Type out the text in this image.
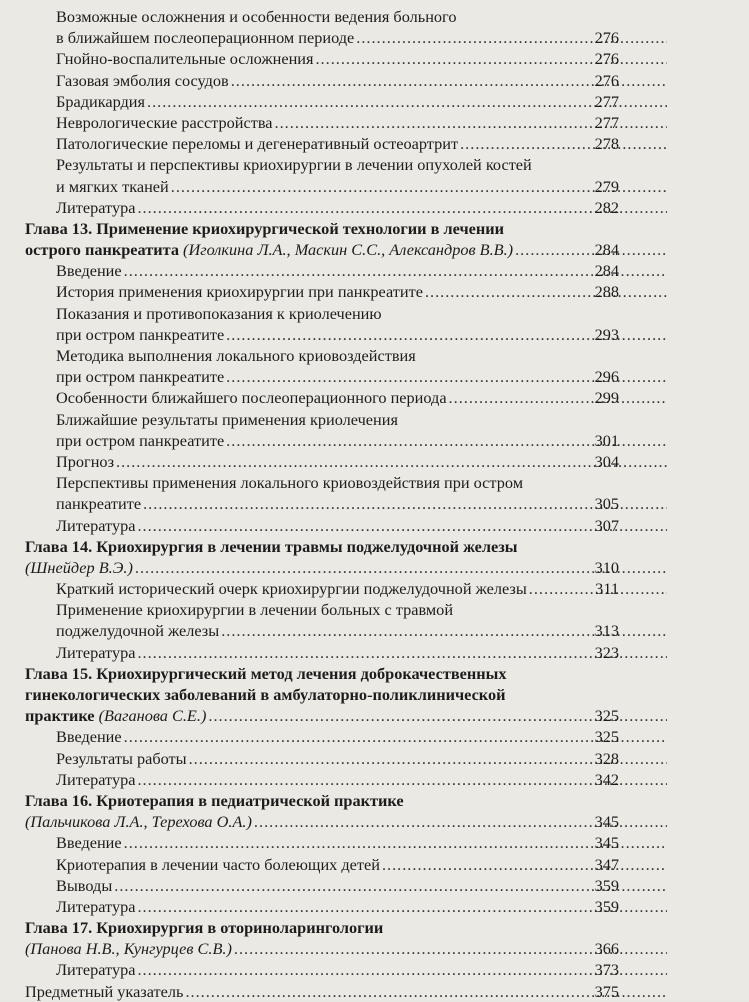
Возможные осложнения и особенности ведения больного
в ближайшем послеоперационном периоде .....	276
Гнойно-воспалительные осложнения .....	276
Газовая эмболия сосудов .....	276
Брадикардия .....	277
Неврологические расстройства .....	277
Патологические переломы и дегенеративный остеоартрит .....	278
Результаты и перспективы криохирургии в лечении опухолей костей
и мягких тканей .....	279
Литература .....	282
Глава 13. Применение криохирургической технологии в лечении
острого панкреатита (Иголкина Л.А., Маскин С.С., Александров В.В.) .....	284
Введение .....	284
История применения криохирургии при панкреатите .....	288
Показания и противопоказания к криолечению
при остром панкреатите .....	293
Методика выполнения локального криовоздействия
при остром панкреатите .....	296
Особенности ближайшего послеоперационного периода .....	299
Ближайшие результаты применения криолечения
при остром панкреатите .....	301
Прогноз .....	304
Перспективы применения локального криовоздействия при остром
панкреатите .....	305
Литература .....	307
Глава 14. Криохирургия в лечении травмы поджелудочной железы
(Шнейдер В.Э.) .....	310
Краткий исторический очерк криохирургии поджелудочной железы .....	311
Применение криохирургии в лечении больных с травмой
поджелудочной железы .....	313
Литература .....	323
Глава 15. Криохирургический метод лечения доброкачественных
гинекологических заболеваний в амбулаторно-поликлинической
практике (Ваганова С.Е.) .....	325
Введение .....	325
Результаты работы .....	328
Литература .....	342
Глава 16. Криотерапия в педиатрической практике
(Пальчикова Л.А., Терехова О.А.) .....	345
Введение .....	345
Криотерапия в лечении часто болеющих детей .....	347
Выводы .....	359
Литература .....	359
Глава 17. Криохирургия в оториноларингологии
(Панова Н.В., Кунгурцев С.В.) .....	366
Литература .....	373
Предметный указатель .....	375
